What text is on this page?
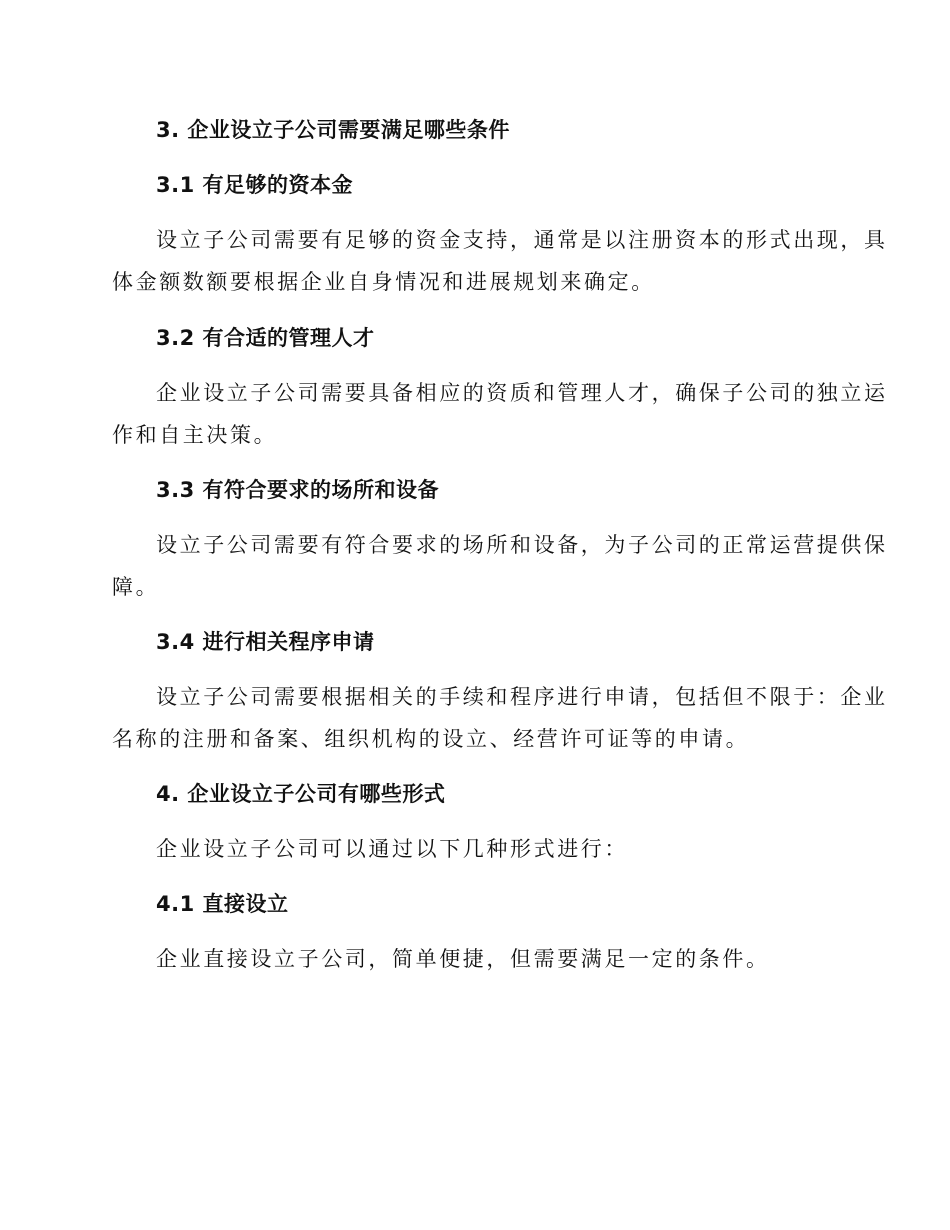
3. 企业设立子公司需要满足哪些条件

3.1 有足够的资本金

设立子公司需要有足够的资金支持，通常是以注册资本的形式出现，具

体金额数额要根据企业自身情况和进展规划来确定。

3.2 有合适的管理人才

企业设立子公司需要具备相应的资质和管理人才，确保子公司的独立运

作和自主决策。

3.3 有符合要求的场所和设备

设立子公司需要有符合要求的场所和设备，为子公司的正常运营提供保

障。

3.4 进行相关程序申请

设立子公司需要根据相关的手续和程序进行申请，包括但不限于：企业

名称的注册和备案、组织机构的设立、经营许可证等的申请。

4. 企业设立子公司有哪些形式

企业设立子公司可以通过以下几种形式进行：

4.1 直接设立

企业直接设立子公司，简单便捷，但需要满足一定的条件。
